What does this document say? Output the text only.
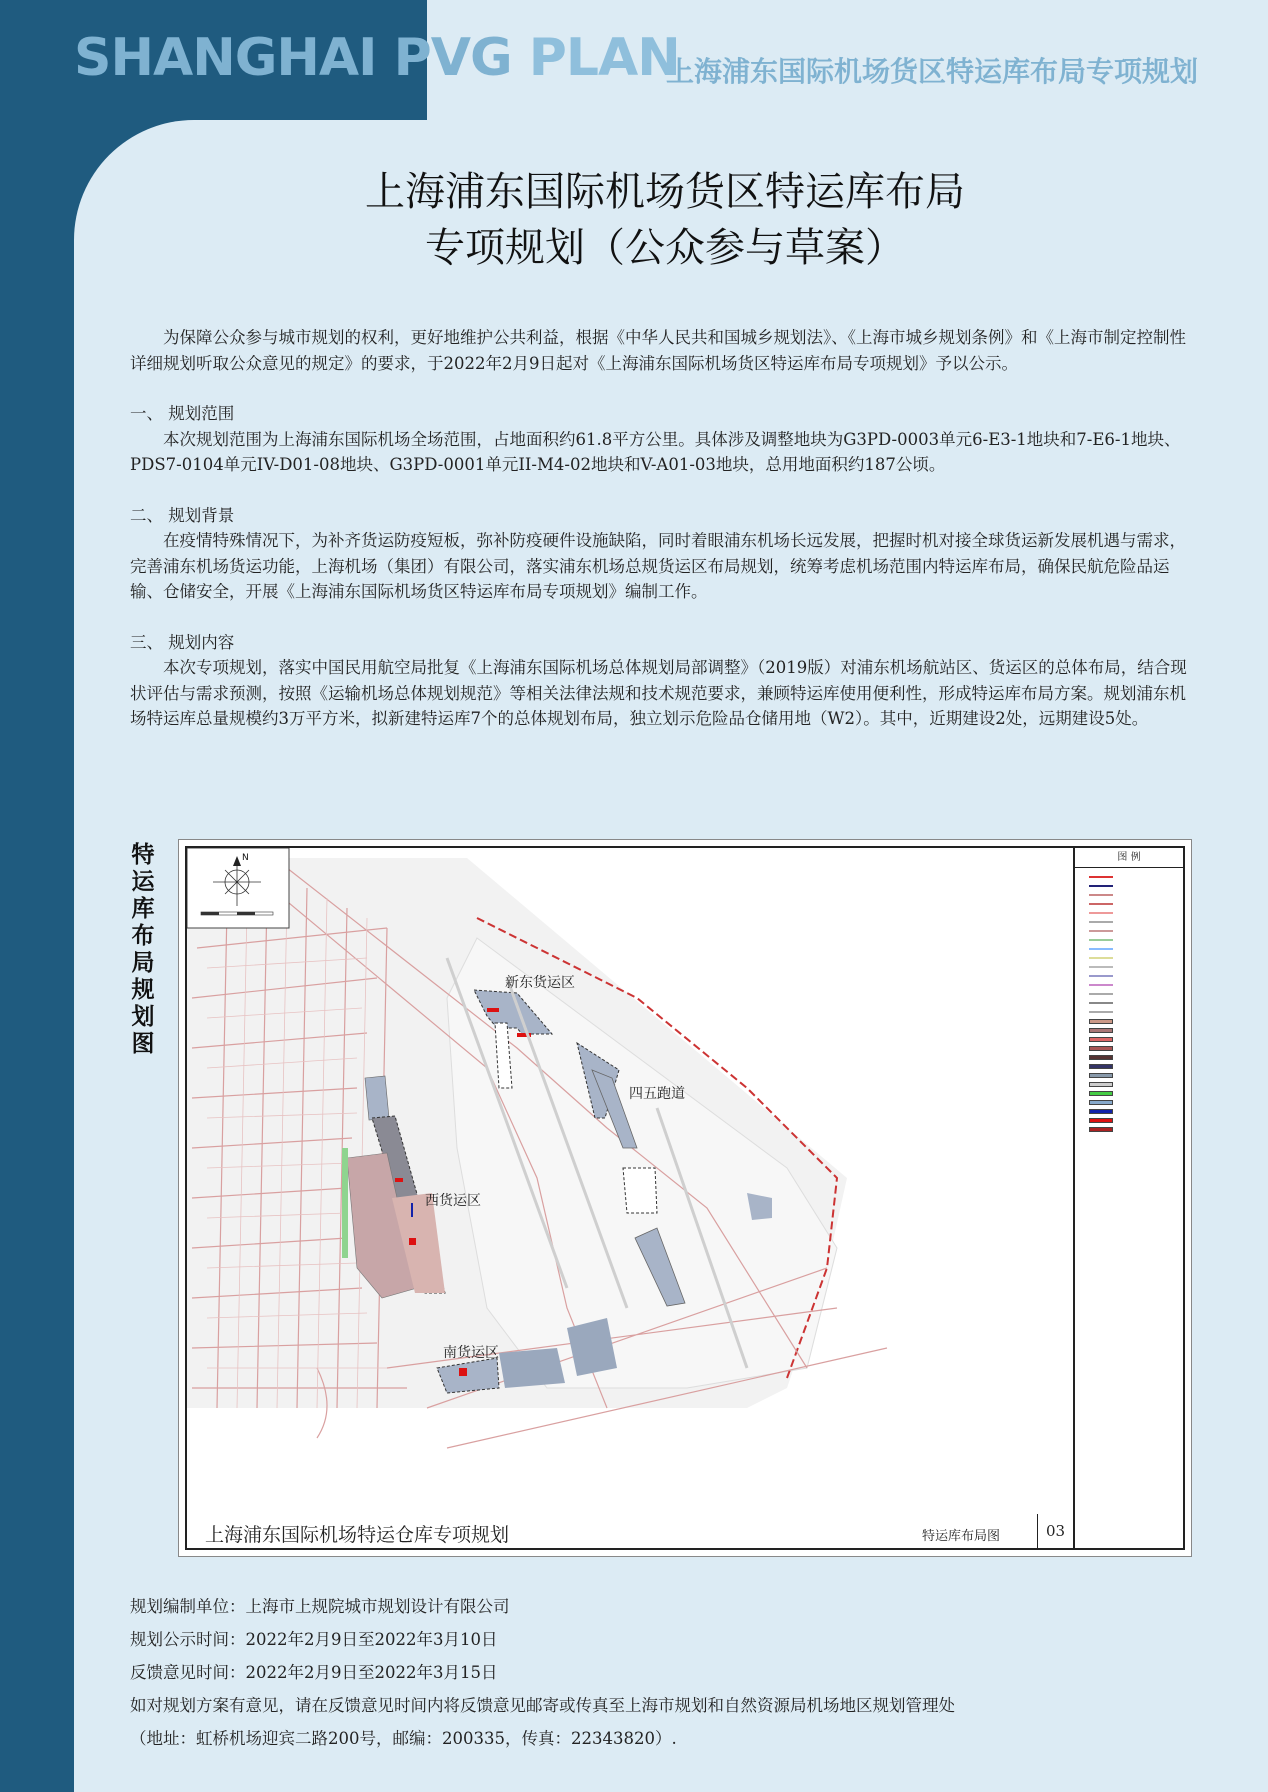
SHANGHAI PVG PLAN
上海浦东国际机场货区特运库布局专项规划
上海浦东国际机场货区特运库布局
专项规划（公众参与草案）

为保障公众参与城市规划的权利，更好地维护公共利益，根据《中华人民共和国城乡规划法》、《上海市城乡规划条例》和《上海市制定控制性详细规划听取公众意见的规定》的要求，于2022年2月9日起对《上海浦东国际机场货区特运库布局专项规划》予以公示。

一、 规划范围

本次规划范围为上海浦东国际机场全场范围，占地面积约61.8平方公里。具体涉及调整地块为G3PD-0003单元6-E3-1地块和7-E6-1地块、PDS7-0104单元IV-D01-08地块、G3PD-0001单元II-M4-02地块和V-A01-03地块，总用地面积约187公顷。

二、 规划背景

在疫情特殊情况下，为补齐货运防疫短板，弥补防疫硬件设施缺陷，同时着眼浦东机场长远发展，把握时机对接全球货运新发展机遇与需求，完善浦东机场货运功能，上海机场（集团）有限公司，落实浦东机场总规货运区布局规划，统筹考虑机场范围内特运库布局，确保民航危险品运输、仓储安全，开展《上海浦东国际机场货区特运库布局专项规划》编制工作。

三、 规划内容

本次专项规划，落实中国民用航空局批复《上海浦东国际机场总体规划局部调整》（2019版）对浦东机场航站区、货运区的总体布局，结合现状评估与需求预测，按照《运输机场总体规划规范》等相关法律法规和技术规范要求，兼顾特运库使用便利性，形成特运库布局方案。规划浦东机场特运库总量规模约3万平方米，拟新建特运库7个的总体规划布局，独立划示危险品仓储用地（W2）。其中，近期建设2处，远期建设5处。

特运库布局规划图
N
新东货运区
四五跑道
西货运区
南货运区
图 例
上海浦东国际机场特运仓库专项规划	特运库布局图	03
规划编制单位：上海市上规院城市规划设计有限公司
规划公示时间：2022年2月9日至2022年3月10日
反馈意见时间：2022年2月9日至2022年3月15日
如对规划方案有意见，请在反馈意见时间内将反馈意见邮寄或传真至上海市规划和自然资源局机场地区规划管理处
（地址：虹桥机场迎宾二路200号，邮编：200335，传真：22343820）.
